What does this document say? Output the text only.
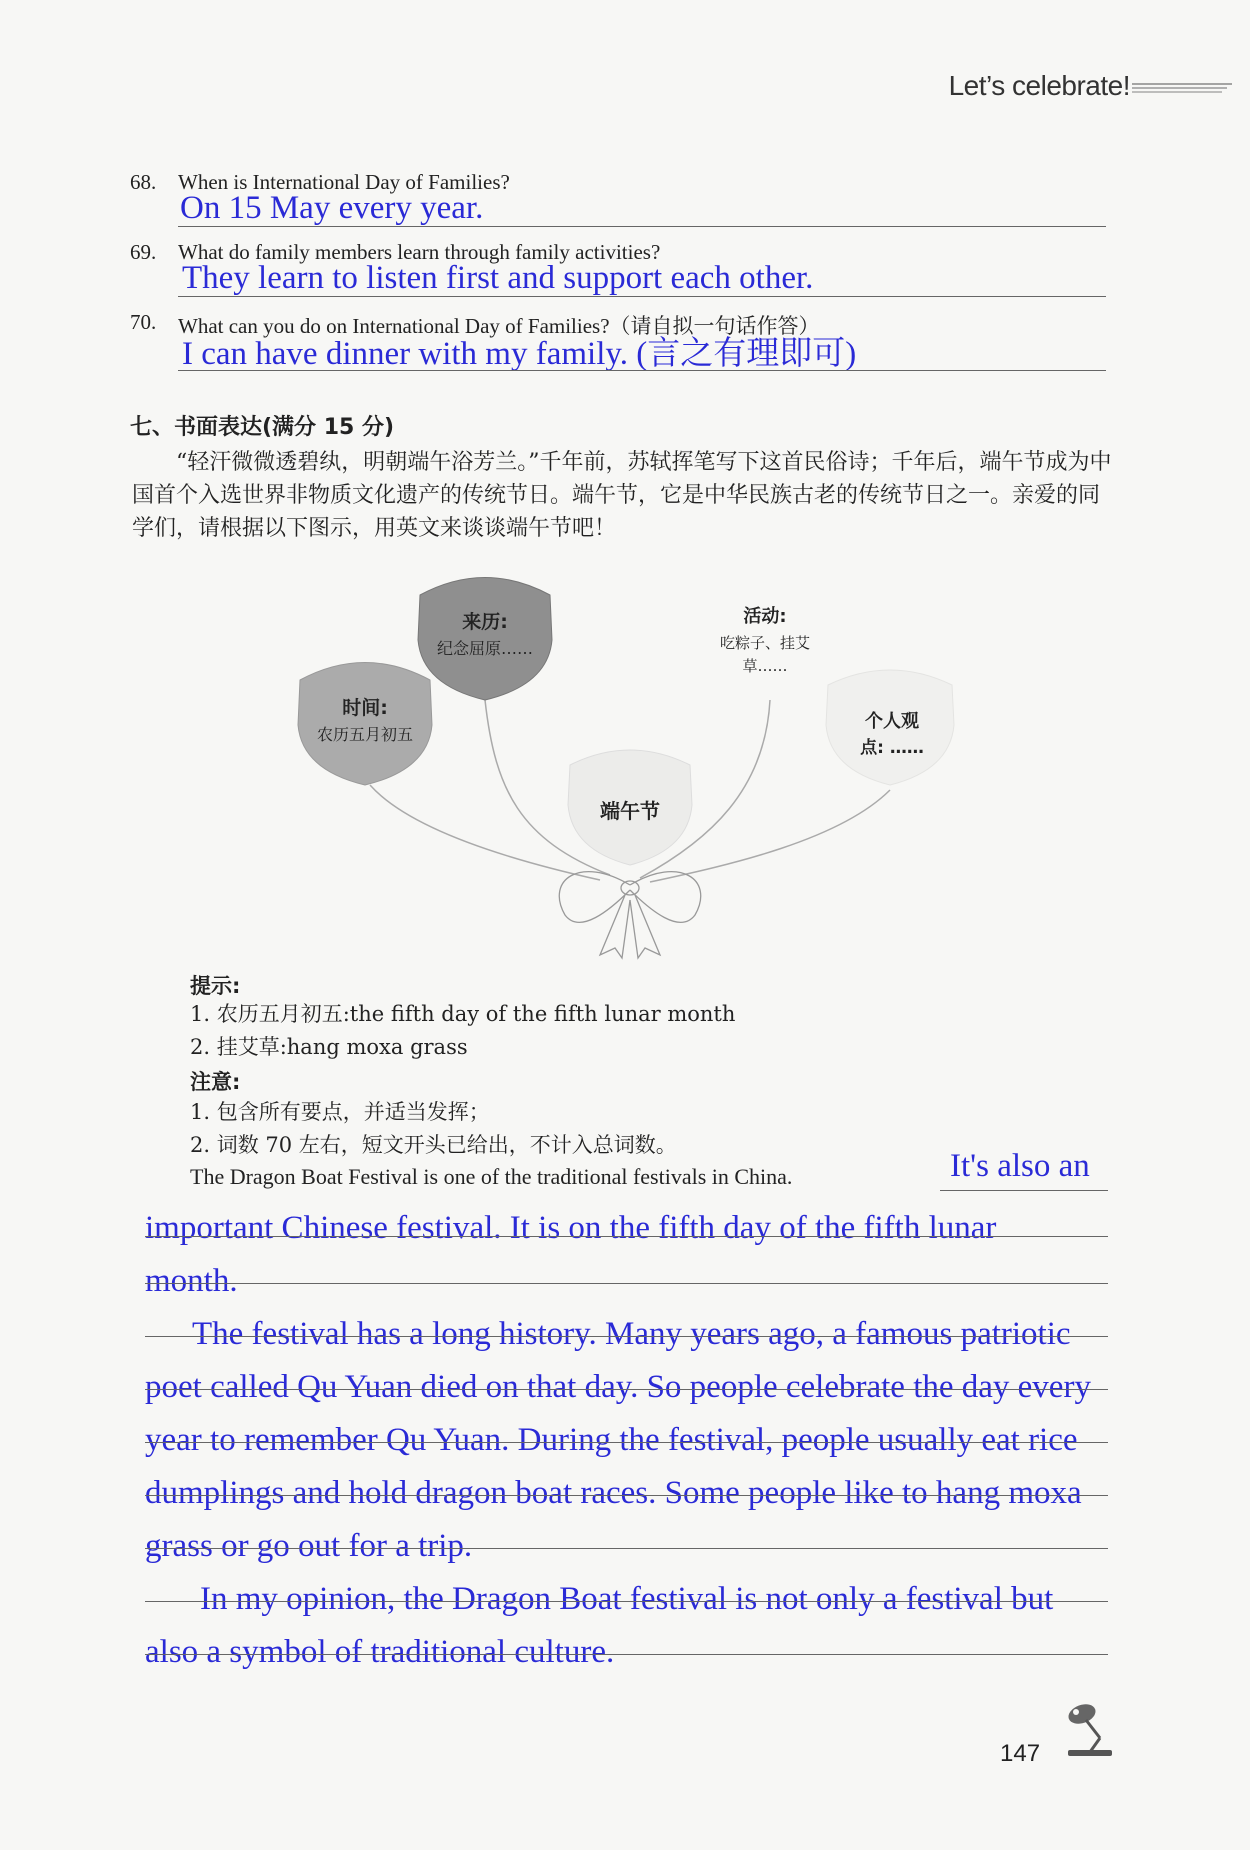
Let’s celebrate!
68. When is International Day of Families?
On 15 May every year.
69. What do family members learn through family activities?
They learn to listen first and support each other.
70. What can you do on International Day of Families?（请自拟一句话作答）
I can have dinner with my family. (言之有理即可)
七、书面表达(满分 15 分)
“轻汗微微透碧纨，明朝端午浴芳兰。”千年前，苏轼挥笔写下这首民俗诗；千年后，端午节成为中国首个入选世界非物质文化遗产的传统节日。端午节，它是中华民族古老的传统节日之一。亲爱的同学们，请根据以下图示，用英文来谈谈端午节吧！
来历:
纪念屈原……
时间:
农历五月初五
端午节
活动:
吃粽子、挂艾
草……
个人观
点: ……
提示:
1. 农历五月初五:the fifth day of the fifth lunar month
2. 挂艾草:hang moxa grass
注意:
1. 包含所有要点，并适当发挥；
2. 词数 70 左右，短文开头已给出，不计入总词数。
The Dragon Boat Festival is one of the traditional festivals in China.	It's also an
important Chinese festival. It is on the fifth day of the fifth lunar
month.
The festival has a long history. Many years ago, a famous patriotic
poet called Qu Yuan died on that day. So people celebrate the day every
year to remember Qu Yuan. During the festival, people usually eat rice
dumplings and hold dragon boat races. Some people like to hang moxa
grass or go out for a trip.
In my opinion, the Dragon Boat festival is not only a festival but
also a symbol of traditional culture.
147
